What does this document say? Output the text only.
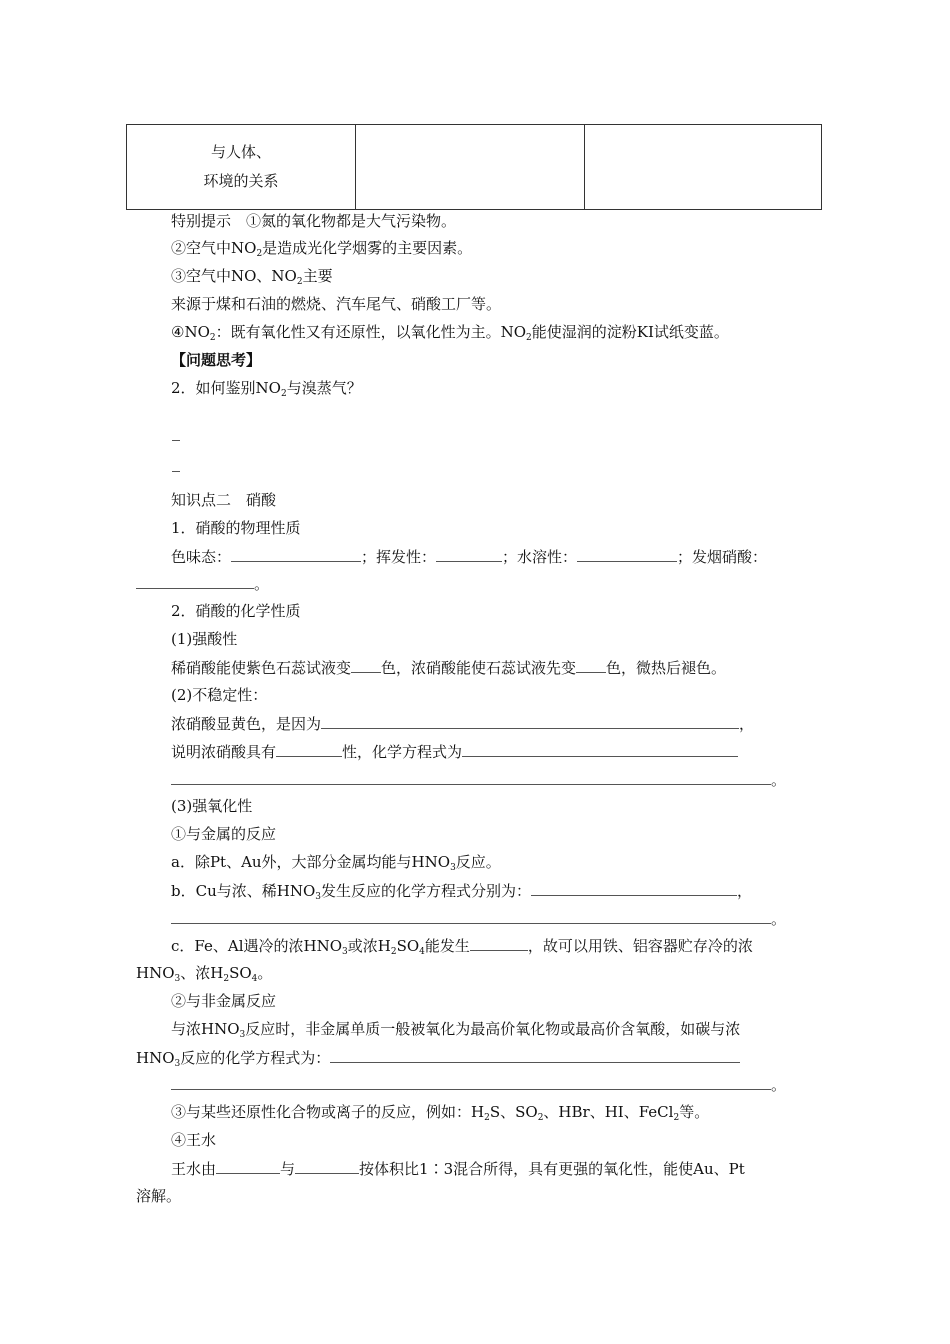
与人体、
环境的关系

特别提示　①氮的氧化物都是大气污染物。
②空气中$NO_2$是造成光化学烟雾的主要因素。
③空气中NO、$NO_2$主要
来源于煤和石油的燃烧、汽车尾气、硝酸工厂等。
$④NO_2$：既有氧化性又有还原性，以氧化性为主。$NO_2$能使湿润的淀粉KI试纸变蓝。
【问题思考】
2．如何鉴别$NO_2$与溴蒸气？
知识点二　硝酸
1．硝酸的物理性质
色味态：	；挥发性：	；水溶性：	；发烟硝酸：
。
2．硝酸的化学性质
(1)强酸性
稀硝酸能使紫色石蕊试液变 色，浓硝酸能使石蕊试液先变 色，微热后褪色。
(2)不稳定性：
浓硝酸显黄色，是因为	，
说明浓硝酸具有	性，化学方程式为
。
(3)强氧化性
①与金属的反应
a．除Pt、Au外，大部分金属均能与$HNO_3$反应。
b．Cu与浓、稀$HNO_3$发生反应的化学方程式分别为：	，
。
c．Fe、Al遇冷的浓$HNO_3$或浓$H_2SO_4$能发生	，故可以用铁、铝容器贮存冷的浓
$HNO_3$、浓$H_2SO_4$。
②与非金属反应
与浓$HNO_3$反应时，非金属单质一般被氧化为最高价氧化物或最高价含氧酸，如碳与浓
$HNO_3$反应的化学方程式为：
。
③与某些还原性化合物或离子的反应，例如：$H_2S$、$SO_2$、HBr、HI、FeCl$_2$等。
④王水
王水由	与	按体积比1∶3混合所得，具有更强的氧化性，能使Au、Pt
溶解。
